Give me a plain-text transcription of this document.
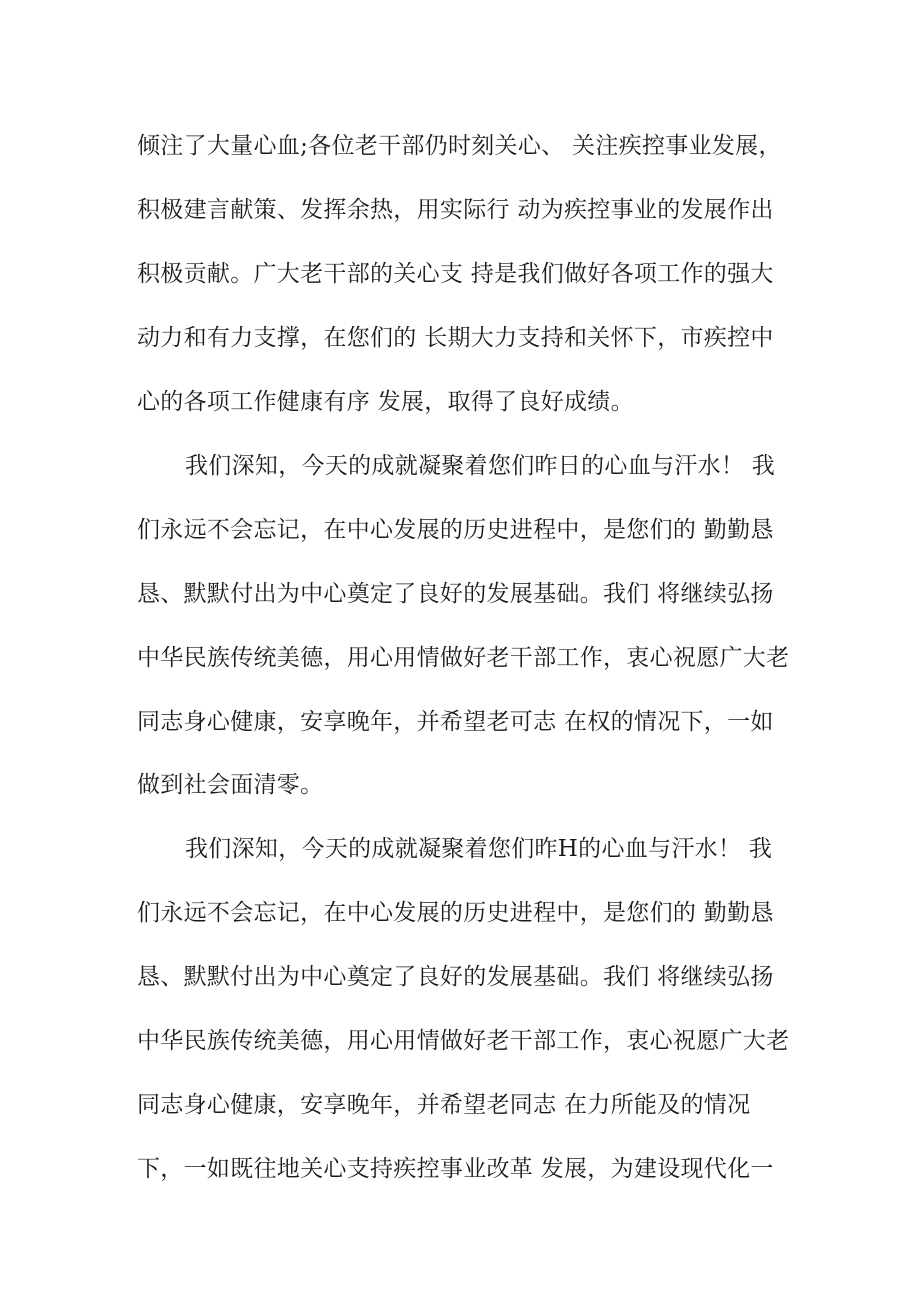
倾注了大量心血;各位老干部仍时刻关心、 关注疾控事业发展，
积极建言献策、发挥余热，用实际行 动为疾控事业的发展作出
积极贡献。广大老干部的关心支 持是我们做好各项工作的强大
动力和有力支撑，在您们的 长期大力支持和关怀下，市疾控中
心的各项工作健康有序 发展，取得了良好成绩。
我们深知，今天的成就凝聚着您们昨日的心血与汗水！ 我
们永远不会忘记，在中心发展的历史进程中，是您们的 勤勤恳
恳、默默付出为中心奠定了良好的发展基础。我们 将继续弘扬
中华民族传统美德，用心用情做好老干部工作，衷心祝愿广大老
同志身心健康，安享晚年，并希望老可志 在权的情况下，一如
做到社会面清零。
我们深知，今天的成就凝聚着您们昨H的心血与汗水！ 我
们永远不会忘记，在中心发展的历史进程中，是您们的 勤勤恳
恳、默默付出为中心奠定了良好的发展基础。我们 将继续弘扬
中华民族传统美德，用心用情做好老干部工作，衷心祝愿广大老
同志身心健康，安享晚年，并希望老同志 在力所能及的情况
下，一如既往地关心支持疾控事业改革 发展，为建设现代化一
